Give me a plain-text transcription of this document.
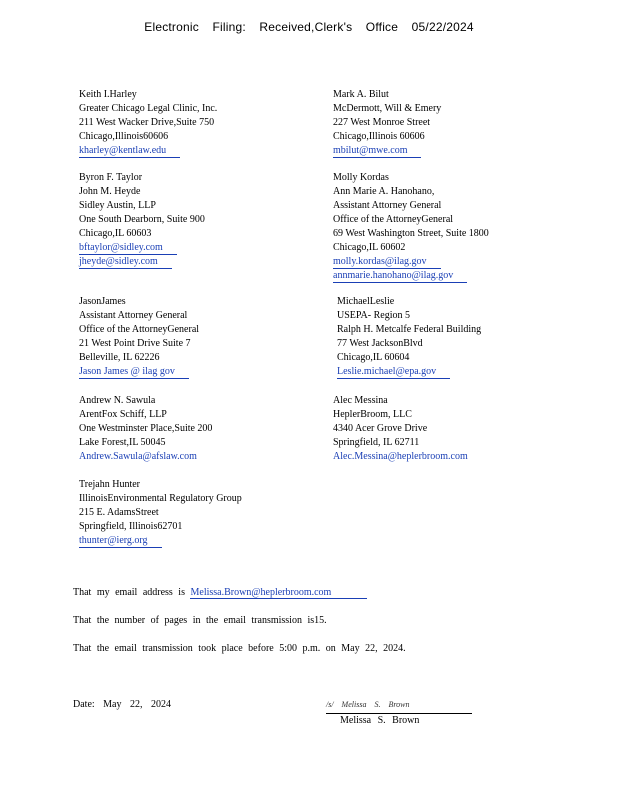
Electronic Filing: Received,Clerk's Office 05/22/2024
Keith I.Harley
Greater Chicago Legal Clinic, Inc.
211 West Wacker Drive,Suite 750
Chicago,Illinois60606
kharley@kentlaw.edu
Byron F. Taylor
John M. Heyde
Sidley Austin, LLP
One South Dearborn, Suite 900
Chicago,IL 60603
bftaylor@sidley.com
jheyde@sidley.com
JasonJames
Assistant Attorney General
Office of the AttorneyGeneral
21 West Point Drive Suite 7
Belleville, IL 62226
Jason James @ ilag gov
Andrew N. Sawula
ArentFox Schiff, LLP
One Westminster Place,Suite 200
Lake Forest,IL 50045
Andrew.Sawula@afslaw.com
Trejahn Hunter
IllinoisEnvironmental Regulatory Group
215 E. AdamsStreet
Springfield, Illinois62701
thunter@ierg.org
Mark A. Bilut
McDermott, Will & Emery
227 West Monroe Street
Chicago,Illinois 60606
mbilut@mwe.com
Molly Kordas
Ann Marie A. Hanohano,
Assistant Attorney General
Office of the AttorneyGeneral
69 West Washington Street, Suite 1800
Chicago,IL 60602
molly.kordas@ilag.gov
annmarie.hanohano@ilag.gov
MichaelLeslie
USEPA- Region 5
Ralph H. Metcalfe Federal Building
77 West JacksonBlvd
Chicago,IL 60604
Leslie.michael@epa.gov
Alec Messina
HeplerBroom, LLC
4340 Acer Grove Drive
Springfield, IL 62711
Alec.Messina@heplerbroom.com
That my email address is Melissa.Brown@heplerbroom.com
That the number of pages in the email transmission is15.
That the email transmission took place before 5:00 p.m. on May 22, 2024.
Date: May 22, 2024	/s/ Melissa S. Brown
Melissa S. Brown
